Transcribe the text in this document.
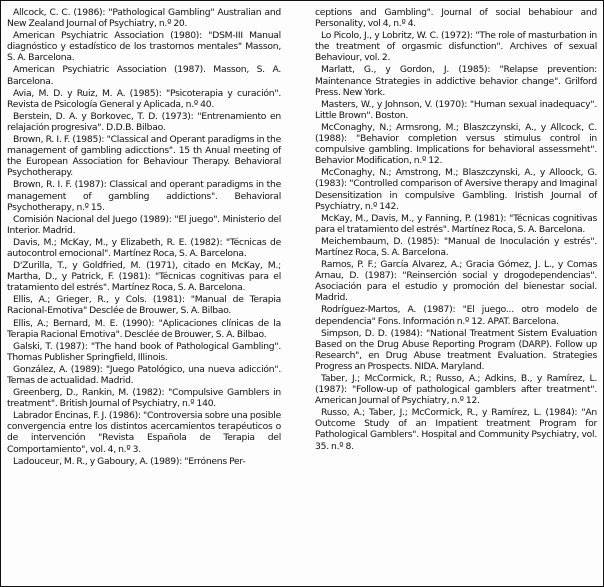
Allcock, C. C. (1986): "Pathological Gambling" Australian and New Zealand Journal of Psychiatry, n.º 20.

American Psychiatric Association (1980): "DSM-III Manual diagnóstico y estadístico de los trastornos mentales" Masson, S. A. Barcelona.

American Psychiatric Association (1987). Masson, S. A. Barcelona.

Avia, M. D. y Ruiz, M. A. (1985): "Psicoterapia y curación". Revista de Psicología General y Aplicada, n.º 40.

Berstein, D. A. y Borkovec, T. D. (1973): "Entrenamiento en relajación progresiva". D.D.B. Bilbao.

Brown, R. I. F. (1985): "Classical and Operant paradigms in the management of gambling adicctions". 15 th Anual meeting of the European Association for Behaviour Therapy. Behavioral Psychotherapy.

Brown, R. I. F. (1987): Classical and operant paradigms in the management of gambling addictions". Behavioral Psychotherapy, n.º 15.

Comisión Nacional del Juego (1989): "El juego". Ministerio del Interior. Madrid.

Davis, M.; McKay, M., y Elizabeth, R. E. (1982): "Técnicas de autocontrol emocional". Martínez Roca, S. A. Barcelona.

D'Zurilla, T., y Goldfried, M. (1971), citado en McKay, M.; Martha, D., y Patrick, F. (1981): "Técnicas cognitivas para el tratamiento del estrés". Martínez Roca, S. A. Barcelona.

Ellis, A.; Grieger, R., y Cols. (1981): "Manual de Terapia Racional-Emotiva" Desclée de Brouwer, S. A. Bilbao.

Ellis, A.; Bernard, M. E. (1990): "Aplicaciones clínicas de la Terapia Racional Emotiva". Desclée de Brouwer, S. A. Bilbao.

Galski, T. (1987): "The hand book of Pathological Gambling". Thomas Publisher Springfield, Illinois.

González, A. (1989): "Juego Patológico, una nueva adicción". Temas de actualidad. Madrid.

Greenberg, D., Rankin, M. (1982): "Compulsive Gamblers in treatment". British Journal of Psychiatry, n.º 140.

Labrador Encinas, F. J. (1986): "Controversia sobre una posible convergencia entre los distintos acercamientos terapéuticos o de intervención "Revista Española de Terapia del Comportamiento", vol. 4, n.º 3.

Ladouceur, M. R., y Gaboury, A. (1989): "Errónens Per-

ceptions and Gambling". Journal of social behabiour and Personality, vol 4, n.º 4.

Lo Picolo, J., y Lobritz, W. C. (1972): "The role of masturbation in the treatment of orgasmic disfunction". Archives of sexual Behaviour, vol. 2.

Marlatt, G., y Gordon, J. (1985): "Relapse prevention: Maintenance Strategies in addictive behavior change". Grilford Press. New York.

Masters, W., y Johnson, V. (1970): "Human sexual inadequacy". Little Brown". Boston.

McConaghy, N.; Armsrong, M.; Blaszczynski, A., y Allcock, C. (1988): "Behavior completion versus stimulus control in compulsive gambling. Implications for behavioral assessmeht". Behavior Modification, n.º 12.

McConaghy, N.; Amstrong, M.; Blaszczynski, A., y Alloock, G. (1983): "Controlled comparison of Aversive therapy and Imaginal Desensitization in compulsive Gambling. Iristish Journal of Psychiatry, n.º 142.

McKay, M., Davis, M., y Fanning, P. (1981): "Técnicas cognitivas para el tratamiento del estrés". Martínez Roca, S. A. Barcelona.

Meichembaum, D. (1985): "Manual de Inoculación y estrés". Martínez Roca, S. A. Barcelona.

Ramos, P. F.; García Alvarez, A.; Gracia Gómez, J. L., y Comas Arnau, D. (1987): "Reinserción social y drogodependencias". Asociación para el estudio y promoción del bienestar social. Madrid.

Rodríguez-Martos, A. (1987): "El juego... otro modelo de dependencia" Fons. Información n.º 12. APAT. Barcelona.

Simpson, D. D. (1984): "National Treatment Sistem Evaluation Based on the Drug Abuse Reporting Program (DARP). Follow up Research", en Drug Abuse treatment Evaluation. Strategies Progress an Prospects. NIDA. Maryland.

Taber, J.; McCormick, R.; Russo, A.; Adkins, B., y Ramírez, L. (1987): "Follow-up of pathological gamblers after treatment". American Journal of Psychiatry, n.º 12.

Russo, A.; Taber, J.; McCormick, R., y Ramírez, L. (1984): "An Outcome Study of an Impatient treatment Program for Pathological Gamblers". Hospital and Community Psychiatry, vol. 35. n.º 8.
